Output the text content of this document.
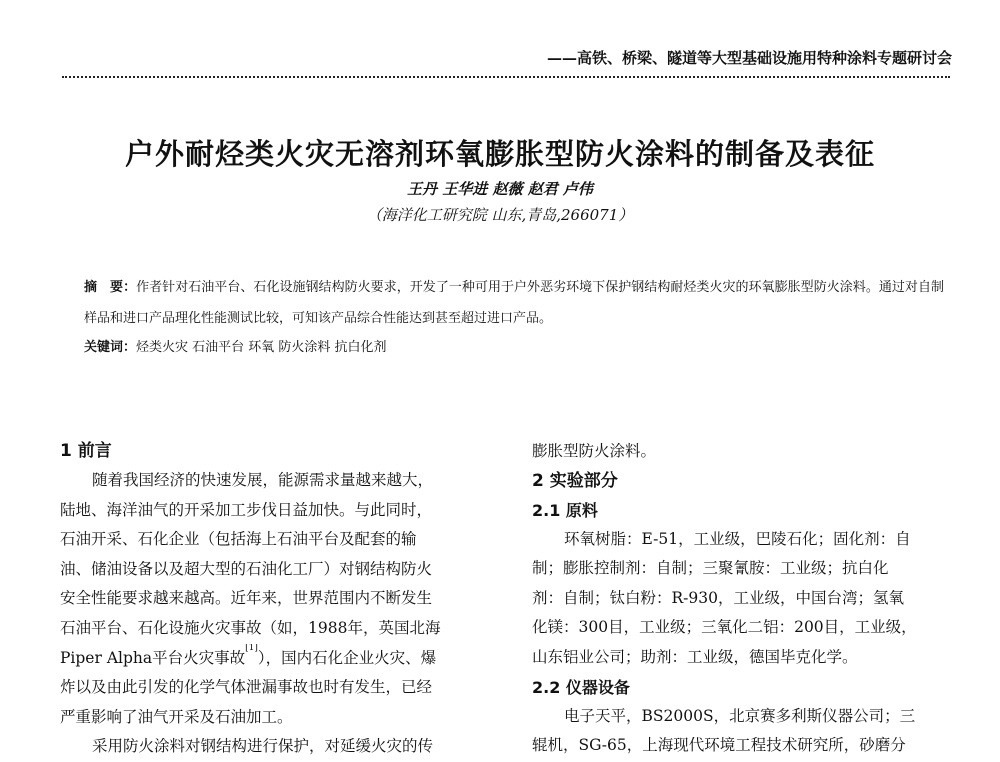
——高铁、桥梁、隧道等大型基础设施用特种涂料专题研讨会
户外耐烃类火灾无溶剂环氧膨胀型防火涂料的制备及表征
王丹 王华进 赵薇 赵君 卢伟
（海洋化工研究院 山东,青岛,266071）
摘　要：作者针对石油平台、石化设施钢结构防火要求，开发了一种可用于户外恶劣环境下保护钢结构耐烃类火灾的环氧膨胀型防火涂料。通过对自制样品和进口产品理化性能测试比较，可知该产品综合性能达到甚至超过进口产品。
关键词：烃类火灾 石油平台 环氧 防火涂料 抗白化剂
1 前言
随着我国经济的快速发展，能源需求量越来越大，
陆地、海洋油气的开采加工步伐日益加快。与此同时，
石油开采、石化企业（包括海上石油平台及配套的输
油、储油设备以及超大型的石油化工厂）对钢结构防火
安全性能要求越来越高。近年来，世界范围内不断发生
石油平台、石化设施火灾事故（如，1988年，英国北海
Piper Alpha平台火灾事故[1]），国内石化企业火灾、爆
炸以及由此引发的化学气体泄漏事故也时有发生，已经
严重影响了油气开采及石油加工。
采用防火涂料对钢结构进行保护，对延缓火灾的传
膨胀型防火涂料。
2 实验部分
2.1 原料
环氧树脂：E-51，工业级，巴陵石化；固化剂：自
制；膨胀控制剂：自制；三聚氰胺：工业级；抗白化
剂：自制；钛白粉：R-930，工业级，中国台湾；氢氧
化镁：300目，工业级；三氧化二铝：200目，工业级，
山东铝业公司；助剂：工业级，德国毕克化学。
2.2 仪器设备
电子天平，BS2000S，北京赛多利斯仪器公司；三
辊机，SG-65，上海现代环境工程技术研究所，砂磨分
